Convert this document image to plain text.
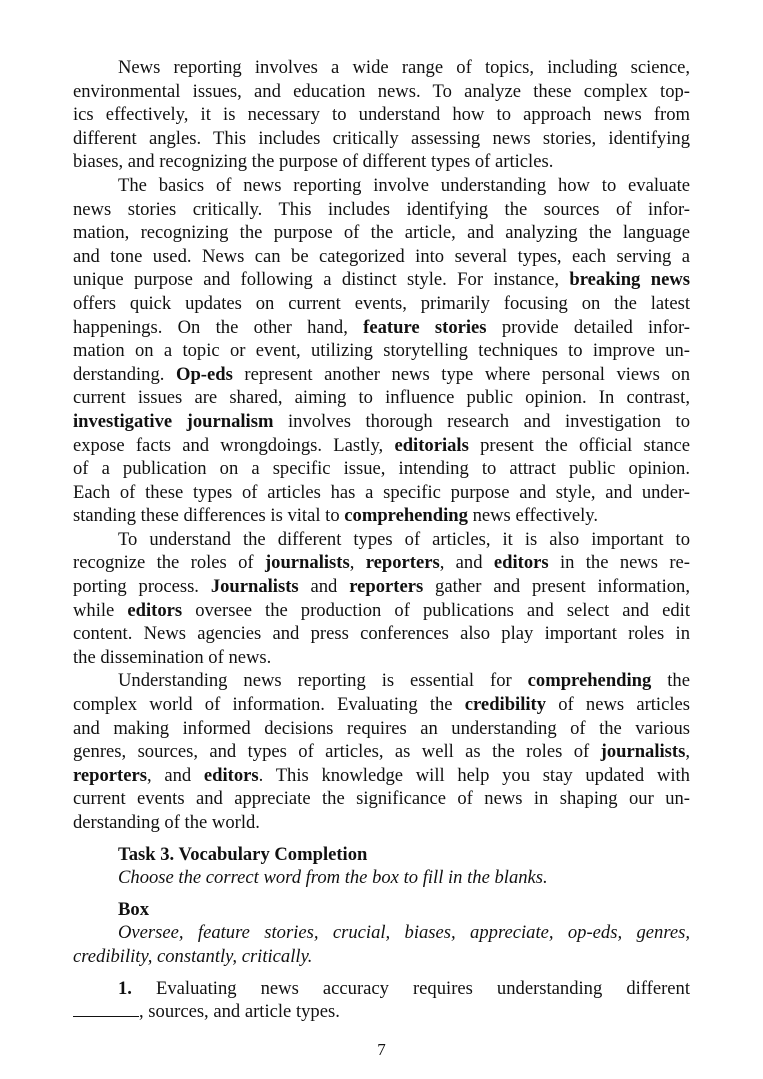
News reporting involves a wide range of topics, including science,
environmental issues, and education news. To analyze these complex top-
ics effectively, it is necessary to understand how to approach news from
different angles. This includes critically assessing news stories, identifying
biases, and recognizing the purpose of different types of articles.
The basics of news reporting involve understanding how to evaluate
news stories critically. This includes identifying the sources of infor-
mation, recognizing the purpose of the article, and analyzing the language
and tone used. News can be categorized into several types, each serving a
unique purpose and following a distinct style. For instance, breaking news
offers quick updates on current events, primarily focusing on the latest
happenings. On the other hand, feature stories provide detailed infor-
mation on a topic or event, utilizing storytelling techniques to improve un-
derstanding. Op-eds represent another news type where personal views on
current issues are shared, aiming to influence public opinion. In contrast,
investigative journalism involves thorough research and investigation to
expose facts and wrongdoings. Lastly, editorials present the official stance
of a publication on a specific issue, intending to attract public opinion.
Each of these types of articles has a specific purpose and style, and under-
standing these differences is vital to comprehending news effectively.
To understand the different types of articles, it is also important to
recognize the roles of journalists, reporters, and editors in the news re-
porting process. Journalists and reporters gather and present information,
while editors oversee the production of publications and select and edit
content. News agencies and press conferences also play important roles in
the dissemination of news.
Understanding news reporting is essential for comprehending the
complex world of information. Evaluating the credibility of news articles
and making informed decisions requires an understanding of the various
genres, sources, and types of articles, as well as the roles of journalists,
reporters, and editors. This knowledge will help you stay updated with
current events and appreciate the significance of news in shaping our un-
derstanding of the world.
Task 3. Vocabulary Completion
Choose the correct word from the box to fill in the blanks.
Box
Oversee, feature stories, crucial, biases, appreciate, op-eds, genres,
credibility, constantly, critically.
1. Evaluating news accuracy requires understanding different
, sources, and article types.
7
